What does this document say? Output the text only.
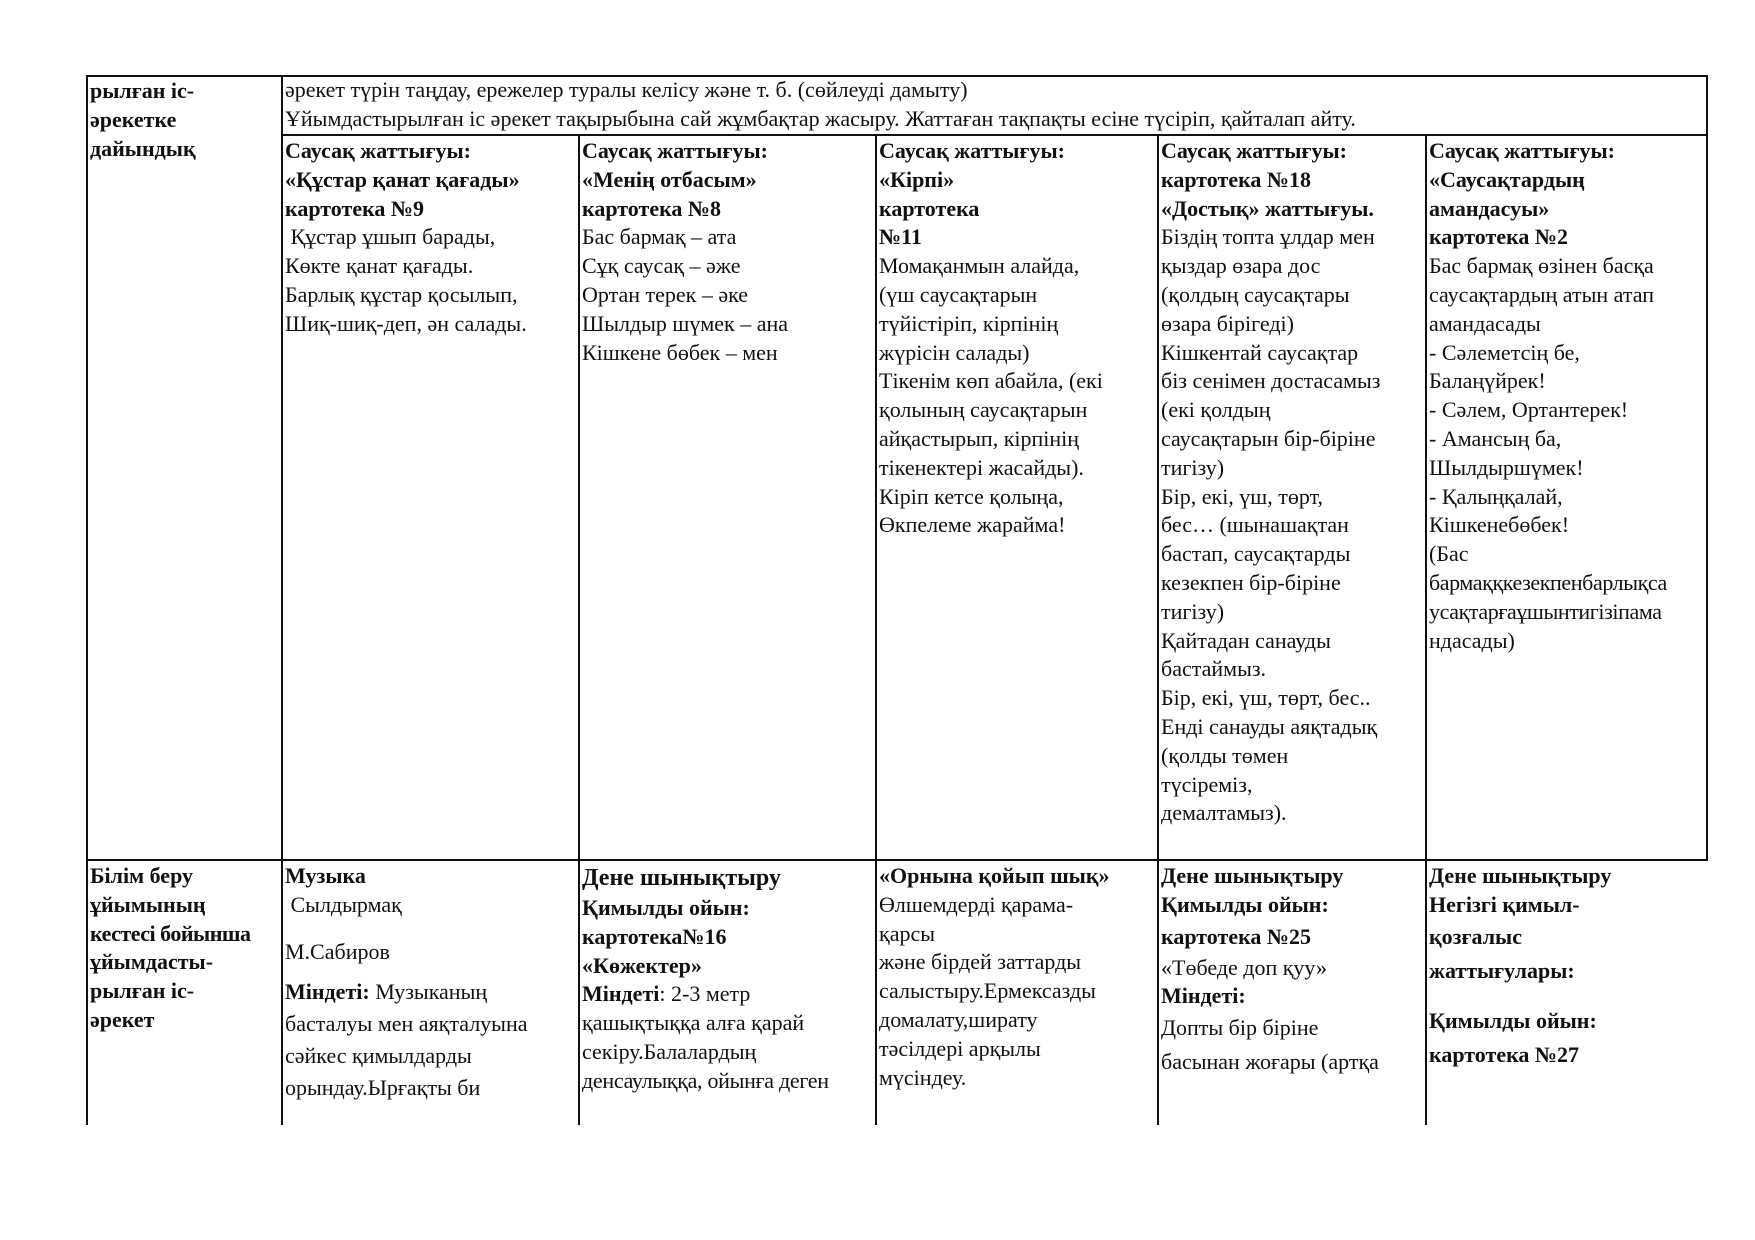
рылған іс-
әрекетке
дайындық
әрекет түрін таңдау, ережелер туралы келісу және т. б. (сөйлеуді дамыту)
Ұйымдастырылған іс әрекет тақырыбына сай жұмбақтар жасыру. Жаттаған тақпақты есіне түсіріп, қайталап айту.
Саусақ жаттығуы:
«Құстар қанат қағады»
картотека №9
Құстар ұшып барады,
Көкте қанат қағады.
Барлық құстар қосылып,
Шиқ-шиқ-деп, ән салады.
Саусақ жаттығуы:
«Менің отбасым»
картотека №8
Бас бармақ – ата
Сұқ саусақ – әже
Ортан терек – әке
Шылдыр шүмек – ана
Кішкене бөбек – мен
Саусақ жаттығуы:
«Кірпі»
картотека
№11
Момақанмын алайда,
(үш саусақтарын
түйістіріп, кірпінің
жүрісін салады)
Тікенім көп абайла, (екі
қолының саусақтарын
айқастырып, кірпінің
тікенектері жасайды).
Кіріп кетсе қолыңа,
Өкпелеме жарайма!
Саусақ жаттығуы:
картотека №18
«Достық» жаттығуы.
Біздің топта ұлдар мен
қыздар өзара дос
(қолдың саусақтары
өзара бірігеді)
Кішкентай саусақтар
біз сенімен достасамыз
(екі қолдың
саусақтарын бір-біріне
тигізу)
Бір, екі, үш, төрт,
бес… (шынашақтан
бастап, саусақтарды
кезекпен бір-біріне
тигізу)
Қайтадан санауды
бастаймыз.
Бір, екі, үш, төрт, бес..
Енді санауды аяқтадық
(қолды төмен
түсіреміз,
демалтамыз).
Саусақ жаттығуы:
«Саусақтардың
амандасуы»
картотека №2
Бас бармақ өзінен басқа
саусақтардың атын атап
амандасады
- Сәлеметсің бе,
Балаңүйрек!
- Сәлем, Ортантерек!
- Амансың ба,
Шылдыршүмек!
- Қалыңқалай,
Кішкенебөбек!
(Бас
бармаққкезекпенбарлықса
усақтарғаұшынтигізіпама
ндасады)
Білім беру
ұйымының
кестесі бойынша
ұйымдасты-
рылған іс-
әрекет
Музыка
Сылдырмақ
М.Сабиров
Міндеті: Музыканың
басталуы мен аяқталуына
сәйкес қимылдарды
орындау.Ырғақты би
Дене шынықтыру
Қимылды ойын:
картотека№16
«Көжектер»
Міндеті: 2-3 метр
қашықтыққа алға қарай
секіру.Балалардың
денсаулыққа, ойынға деген
«Орнына қойып шық»
Өлшемдерді қарама-
қарсы
және бірдей заттарды
салыстыру.Ермексазды
домалату,ширату
тәсілдері арқылы
мүсіндеу.
Дене шынықтыру
Қимылды ойын:
картотека №25
«Төбеде доп қуу»
Міндеті:
Допты бір біріне
басынан жоғары (артқа
Дене шынықтыру
Негізгі қимыл-
қозғалыс
жаттығулары:
Қимылды ойын:
картотека №27
